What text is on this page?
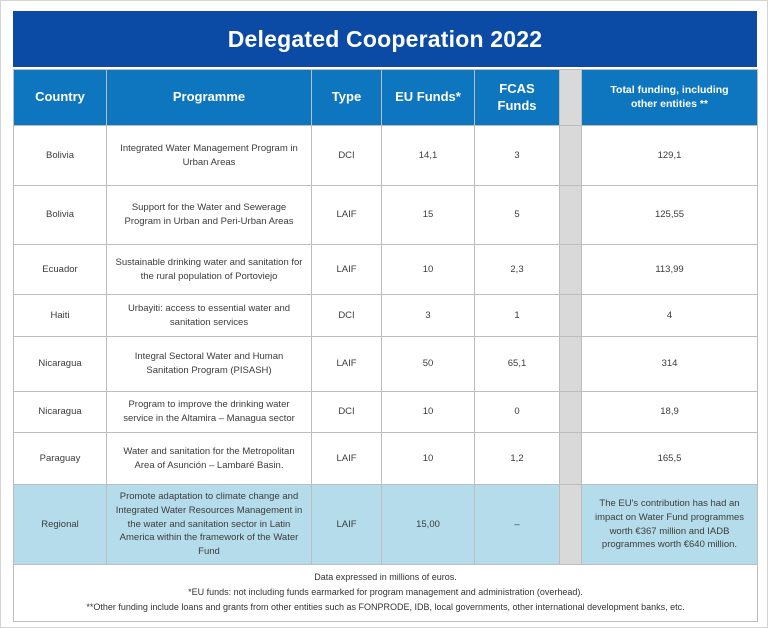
Delegated Cooperation 2022
Country	Programme	Type	EU Funds*	FCAS Funds		Total funding, including other entities **
Bolivia	Integrated Water Management Program in Urban Areas	DCI	14,1	3		129,1
Bolivia	Support for the Water and Sewerage Program in Urban and Peri-Urban Areas	LAIF	15	5		125,55
Ecuador	Sustainable drinking water and sanitation for the rural population of Portoviejo	LAIF	10	2,3		113,99
Haiti	Urbayiti: access to essential water and sanitation services	DCI	3	1		4
Nicaragua	Integral Sectoral Water and Human Sanitation Program (PISASH)	LAIF	50	65,1		314
Nicaragua	Program to improve the drinking water service in the Altamira – Managua sector	DCI	10	0		18,9
Paraguay	Water and sanitation for the Metropolitan Area of Asunción – Lambaré Basin.	LAIF	10	1,2		165,5
Regional	Promote adaptation to climate change and Integrated Water Resources Management in the water and sanitation sector in Latin America within the framework of the Water Fund	LAIF	15,00	–		The EU's contribution has had an impact on Water Fund programmes worth €367 million and IADB programmes worth €640 million.

Data expressed in millions of euros.
*EU funds: not including funds earmarked for program management and administration (overhead).
**Other funding include loans and grants from other entities such as FONPRODE, IDB, local governments, other international development banks, etc.						
